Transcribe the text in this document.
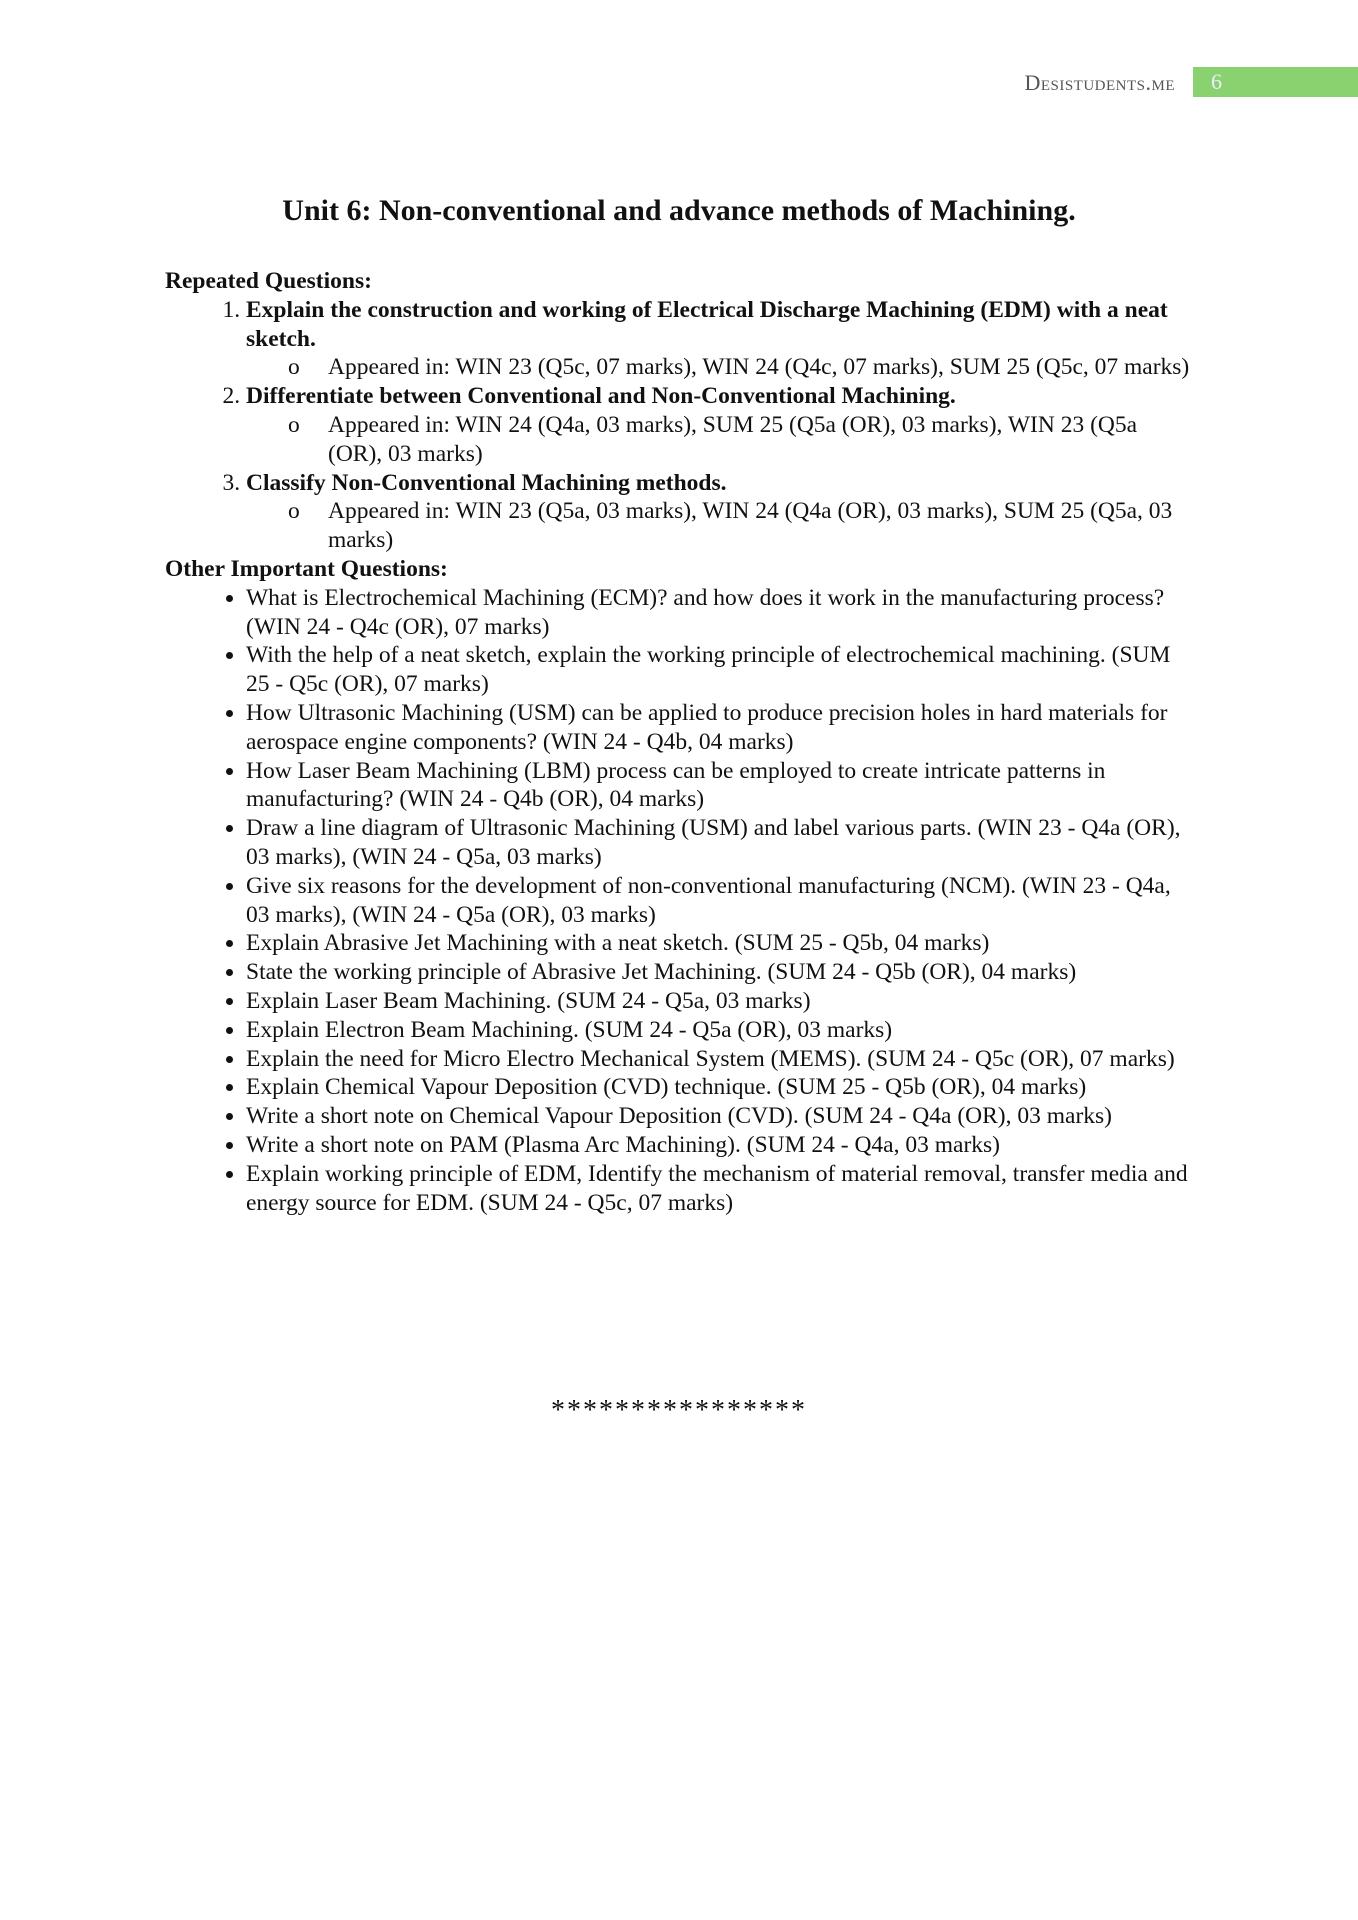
Desistudents.me	6
Unit 6: Non-conventional and advance methods of Machining.
Repeated Questions:
1. Explain the construction and working of Electrical Discharge Machining (EDM) with a neat sketch.
o Appeared in: WIN 23 (Q5c, 07 marks), WIN 24 (Q4c, 07 marks), SUM 25 (Q5c, 07 marks)
2. Differentiate between Conventional and Non-Conventional Machining.
o Appeared in: WIN 24 (Q4a, 03 marks), SUM 25 (Q5a (OR), 03 marks), WIN 23 (Q5a (OR), 03 marks)
3. Classify Non-Conventional Machining methods.
o Appeared in: WIN 23 (Q5a, 03 marks), WIN 24 (Q4a (OR), 03 marks), SUM 25 (Q5a, 03 marks)
Other Important Questions:
• What is Electrochemical Machining (ECM)? and how does it work in the manufacturing process? (WIN 24 - Q4c (OR), 07 marks)
• With the help of a neat sketch, explain the working principle of electrochemical machining. (SUM 25 - Q5c (OR), 07 marks)
• How Ultrasonic Machining (USM) can be applied to produce precision holes in hard materials for aerospace engine components? (WIN 24 - Q4b, 04 marks)
• How Laser Beam Machining (LBM) process can be employed to create intricate patterns in manufacturing? (WIN 24 - Q4b (OR), 04 marks)
• Draw a line diagram of Ultrasonic Machining (USM) and label various parts. (WIN 23 - Q4a (OR), 03 marks), (WIN 24 - Q5a, 03 marks)
• Give six reasons for the development of non-conventional manufacturing (NCM). (WIN 23 - Q4a, 03 marks), (WIN 24 - Q5a (OR), 03 marks)
• Explain Abrasive Jet Machining with a neat sketch. (SUM 25 - Q5b, 04 marks)
• State the working principle of Abrasive Jet Machining. (SUM 24 - Q5b (OR), 04 marks)
• Explain Laser Beam Machining. (SUM 24 - Q5a, 03 marks)
• Explain Electron Beam Machining. (SUM 24 - Q5a (OR), 03 marks)
• Explain the need for Micro Electro Mechanical System (MEMS). (SUM 24 - Q5c (OR), 07 marks)
• Explain Chemical Vapour Deposition (CVD) technique. (SUM 25 - Q5b (OR), 04 marks)
• Write a short note on Chemical Vapour Deposition (CVD). (SUM 24 - Q4a (OR), 03 marks)
• Write a short note on PAM (Plasma Arc Machining). (SUM 24 - Q4a, 03 marks)
• Explain working principle of EDM, Identify the mechanism of material removal, transfer media and energy source for EDM. (SUM 24 - Q5c, 07 marks)
****************
